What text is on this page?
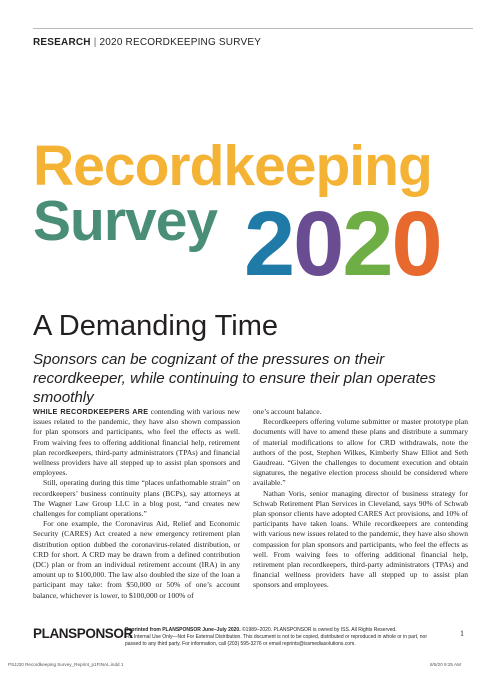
RESEARCH | 2020 RECORDKEEPING SURVEY
Recordkeeping
Survey 2020
A Demanding Time
Sponsors can be cognizant of the pressures on their recordkeeper, while continuing to ensure their plan operates smoothly

WHILE RECORDKEEPERS ARE contending with various new issues related to the pandemic, they have also shown compassion for plan sponsors and participants, who feel the effects as well. From waiving fees to offering additional financial help, retirement plan recordkeepers, third-party administrators (TPAs) and financial wellness providers have all stepped up to assist plan sponsors and employees.

Still, operating during this time “places unfathomable strain” on recordkeepers’ business continuity plans (BCPs), say attorneys at The Wagner Law Group LLC in a blog post, “and creates new challenges for compliant operations.”

For one example, the Coronavirus Aid, Relief and Economic Security (CARES) Act created a new emergency retirement plan distribution option dubbed the coronavirus-related distribution, or CRD for short. A CRD may be drawn from a defined contribution (DC) plan or from an individual retirement account (IRA) in any amount up to $100,000. The law also doubled the size of the loan a participant may take: from $50,000 or 50% of one’s account balance, whichever is lower, to $100,000 or 100% of

one’s account balance.

Recordkeepers offering volume submitter or master prototype plan documents will have to amend these plans and distribute a summary of material modifications to allow for CRD withdrawals, note the authors of the post, Stephen Wilkes, Kimberly Shaw Elliot and Seth Gaudreau. “Given the challenges to document execution and obtain signatures, the negative election process should be considered where available.”

Nathan Voris, senior managing director of business strategy for Schwab Retirement Plan Services in Cleveland, says 90% of Schwab plan sponsor clients have adopted CARES Act provisions, and 10% of participants have taken loans. While recordkeepers are contending with various new issues related to the pandemic, they have also shown compassion for plan sponsors and participants, who feel the effects as well. From waiving fees to offering additional financial help, retirement plan recordkeepers, third-party administrators (TPAs) and financial wellness providers have all stepped up to assist plan sponsors and employees.

PLANSPONSOR
Reprinted from PLANSPONSOR June–July 2020. ©1989–2020. PLANSPONSOR is owned by ISS. All Rights Reserved.
For Internal Use Only—Not For External Distribution. This document is not to be copied, distributed or reproduced in whole or in part, nor
passed to any third party. For information, call (203) 595-3276 or email reprints@issmediasolutions.com.
1
PSJJ20 Recordkeeping Survey_Reprint_p1FINAL.indd 1	8/5/20 9:25 AM
